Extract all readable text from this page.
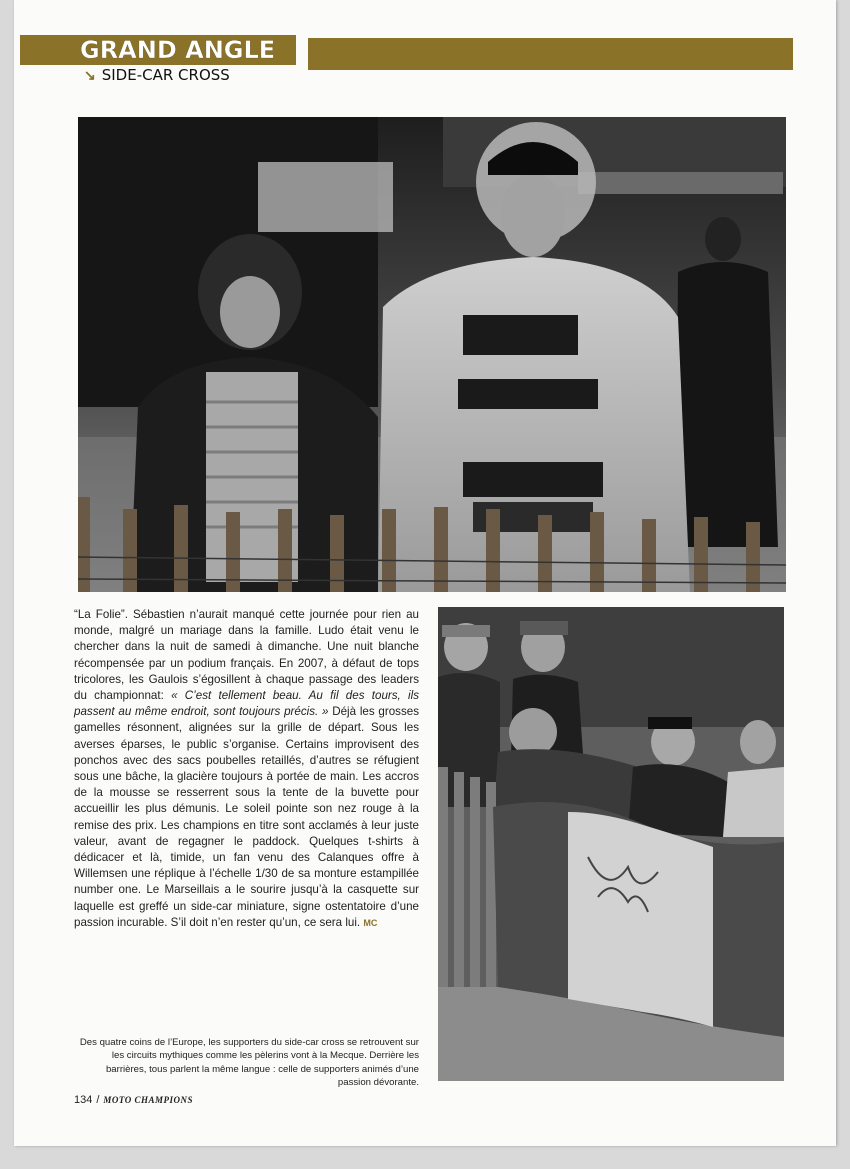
GRAND ANGLE
↘ SIDE-CAR CROSS

“La Folie”. Sébastien n’aurait manqué cette journée pour rien au monde, malgré un mariage dans la famille. Ludo était venu le chercher dans la nuit de samedi à dimanche. Une nuit blanche récompensée par un podium français. En 2007, à défaut de tops tricolores, les Gaulois s’égosillent à chaque passage des leaders du championnat: « C’est tellement beau. Au fil des tours, ils passent au même endroit, sont toujours précis. » Déjà les grosses gamelles résonnent, alignées sur la grille de départ. Sous les averses éparses, le public s’organise. Certains improvisent des ponchos avec des sacs poubelles retaillés, d’autres se réfugient sous une bâche, la glacière toujours à portée de main. Les accros de la mousse se resserrent sous la tente de la buvette pour accueillir les plus démunis. Le soleil pointe son nez rouge à la remise des prix. Les champions en titre sont acclamés à leur juste valeur, avant de regagner le paddock. Quelques t-shirts à dédicacer et là, timide, un fan venu des Calanques offre à Willemsen une réplique à l’échelle 1/30 de sa monture estampillée number one. Le Marseillais a le sourire jusqu’à la casquette sur laquelle est greffé un side-car miniature, signe ostentatoire d’une passion incurable. S’il doit n’en rester qu’un, ce sera lui. MC

Des quatre coins de l’Europe, les supporters du side-car cross se retrouvent sur les circuits mythiques comme les pèlerins vont à la Mecque. Derrière les barrières, tous parlent la même langue : celle de supporters animés d’une passion dévorante.
134 / MOTO CHAMPIONS
